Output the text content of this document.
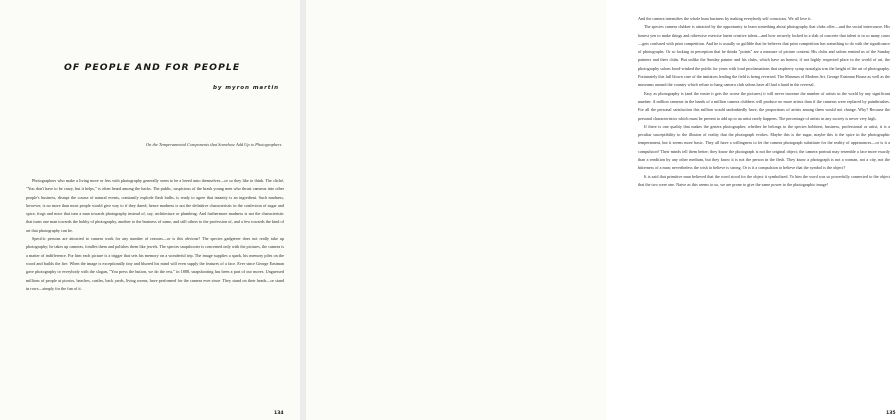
OF PEOPLE AND FOR PEOPLE

by myron martin

On the Temperamental Components that Somehow Add Up to Photographers

Photographers who make a living more or less with photography generally seem to be a breed unto themselves—or so they like to think. The cliché, "You don't have to be crazy, but it helps," is often heard among the hacks. The public, suspicious of the brash young men who thrust cameras into other people's business, disrupt the course of natural events, constantly explode flash bulbs, is ready to agree that insanity is an ingredient. Such madness, however, is no more than most people would give way to if they dared; hence madness is not the definitive characteristic in the confection of sugar and spice, frogs and mice that turn a man towards photography instead of, say, architecture or plumbing. And furthermore madness is not the characteristic that turns one man towards the hobby of photography, another to the business of same, and still others to the profession of, and a few towards the kind of art that photography can be.

Specific persons are attracted to camera work for any number of reasons—or is this obvious? The species gadgeteer does not really take up photography; he takes up cameras, fondles them and polishes them like jewels. The species snapshooter is concerned only with the pictures, the camera is a matter of indifference. For him each picture is a trigger that sets his memory on a wonderful trip. The image supplies a spark, his memory piles on the wood and builds the fire. When the image is exceptionally tiny and blurred his mind will even supply the features of a face. Ever since George Eastman gave photography to everybody with the slogan, "You press the button, we do the rest," in 1888, snapshooting has been a part of our mores. Unguessed millions of people at picnics, beaches, castles, back yards, living rooms, have performed for the camera ever since. They stand on their heads—or stand in rows—simply for the fun of it.

134

And the camera intensifies the whole hum business by making everybody self conscious. We all love it.

The species camera clubber is attracted by the opportunity to learn something about photography that clubs offer—and the social intercourse. His honest yen to make things and otherwise exercise latent creative talent—and how securely locked in a slab of concrete that talent is in so many cases—gets confused with print competition. And he is usually so gullible that he believes that print competition has something to do with the significance of photographs. Or so lacking in perception that he thinks "points" are a measure of picture content. His clubs and salons remind us of the Sunday painters and their clubs. But unlike the Sunday painter and his clubs, which have an honest, if not highly respected place in the world of art, the photography salons bood-winked the public for years with loud proclamations that raspberry syrup nostalgia was the height of the art of photography. Fortunately this full blown case of the imitators leading the field is being reversed. The Museum of Modern Art, George Eastman House as well as the museums around the country which refuse to hang camera club salons have all had a hand in the reversal.

Easy as photography is (and the easier it gets the worse the pictures) it will never increase the number of artists in the world by any significant number. A million cameras in the hands of a million camera clubbers will produce no more artists than if the cameras were replaced by paintbrushes. For all the personal satisfaction this million would undoubtedly have, the proportions of artists among them would not change. Why? Because the personal characteristics which must be present to add up to an artist rarely happens. The percentage of artists in any society is never very high.

If there is one quality that makes the genera photographer, whether he belongs to the species hobbiest, business, professional or artist, it is a peculiar susceptibility to the illusion of reality that the photograph evokes. Maybe this is the sugar, maybe this is the spice in the photographic temperament, but it seems more basic. They all have a willingness to let the camera photograph substitute for the reality of appearances—or is it a compulsion? Their minds tell them better; they know the photograph is not the original object; the camera portrait may resemble a face more exactly than a rendition by any other medium, but they know it is not the person in the flesh. They know a photograph is not a woman, not a city, not the bitterness of a man; nevertheless the wish to believe is strong. Or is it a compulsion to believe that the symbol is the object?

It is said that primitive man believed that the word stood for the object it symbolized. To him the word was so powerfully connected to the object that the two were one. Naive as this seems to us, we are prone to give the same power to the photographic image!

135
